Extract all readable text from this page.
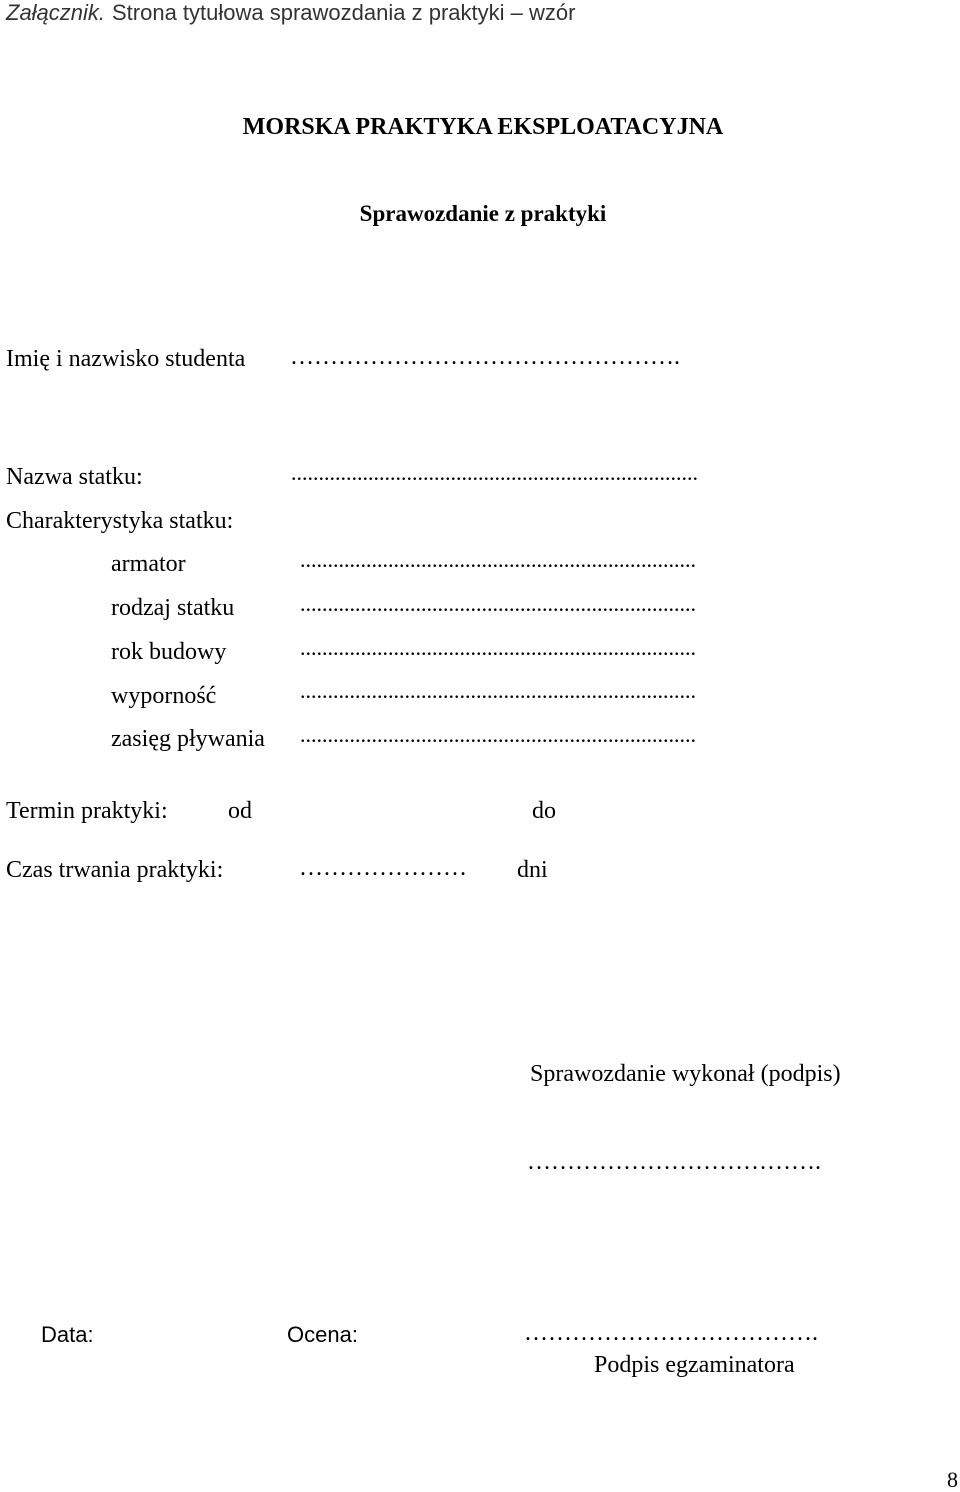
Załącznik. Strona tytułowa sprawozdania z praktyki – wzór
MORSKA PRAKTYKA EKSPLOATACYJNA
Sprawozdanie z praktyki
Imię i nazwisko studenta ………………………………………….
Nazwa statku:	..........................................................................
Charakterystyka statku:
armator	........................................................................
rodzaj statku	........................................................................
rok budowy	........................................................................
wyporność	........................................................................
zasięg pływania ........................................................................
Termin praktyki:	od	do
Czas trwania praktyki:	………………… dni
Sprawozdanie wykonał (podpis)
……………………………….
Data:	Ocena:	……………………………….
Podpis egzaminatora
8
